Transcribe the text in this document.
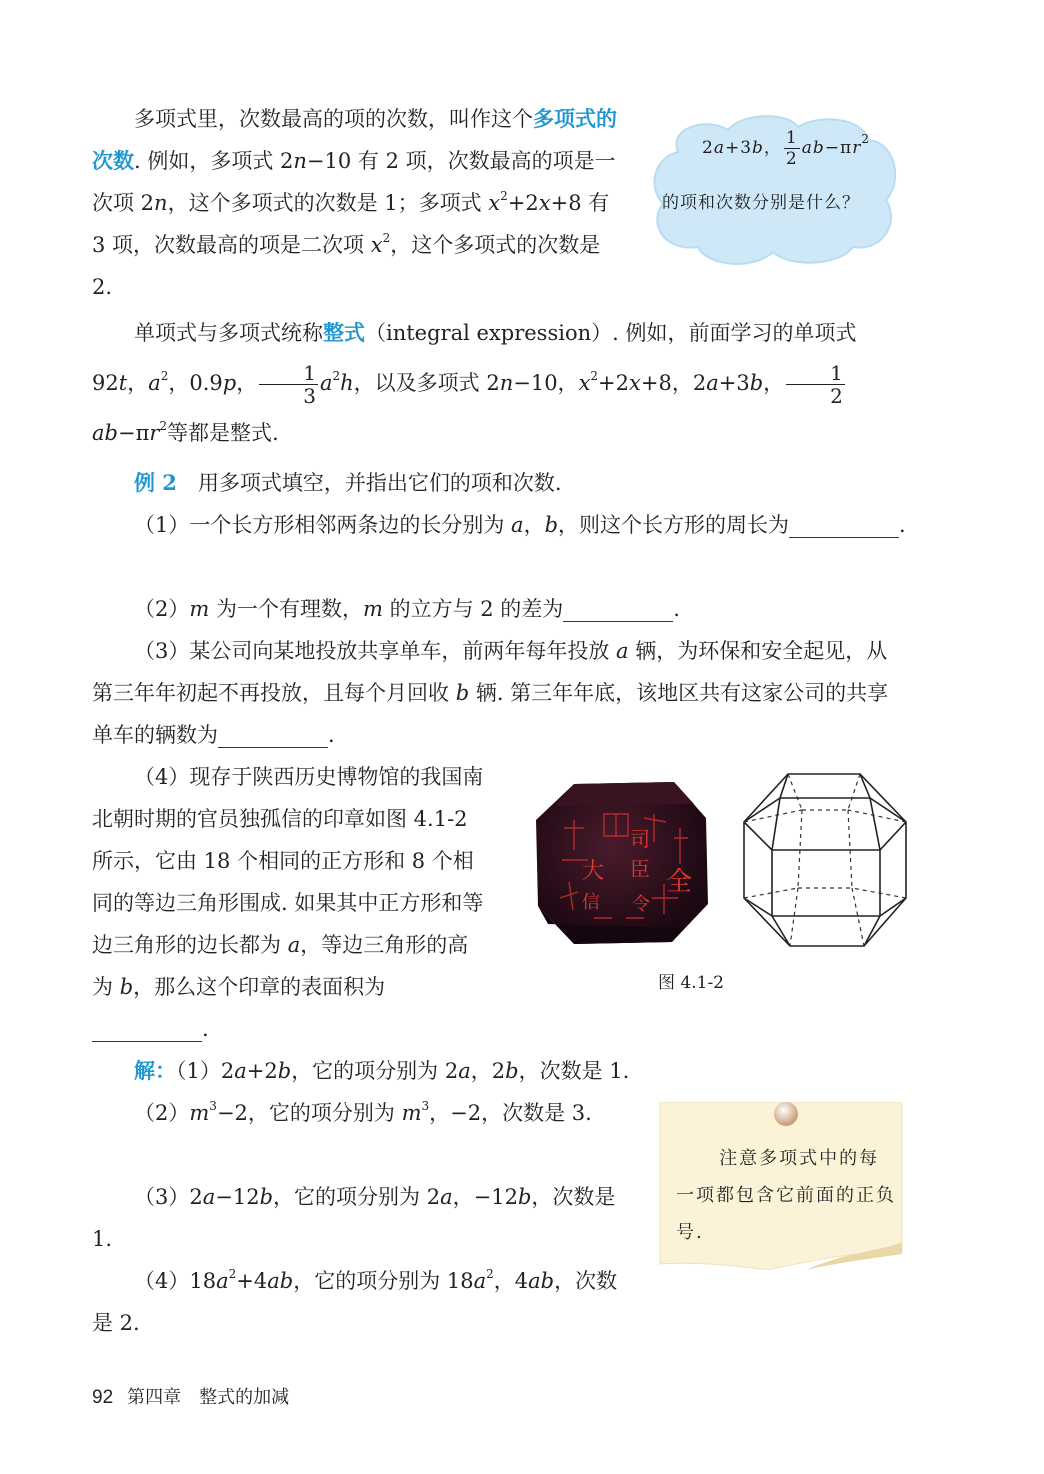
多项式里，次数最高的项的次数，叫作这个多项式的次数. 例如，多项式 2n−10 有 2 项，次数最高的项是一次项 2n，这个多项式的次数是 1；多项式 $x^2+2x+8$ 有 3 项，次数最高的项是二次项 $x^2$，这个多项式的次数是 2.
2a+3b， $\frac{1}{2} ab-\pi r^2$
的项和次数分别是什么？
单项式与多项式统称整式（integral expression）. 例如，前面学习的单项式 92t，$a^2$，0.9p， $\frac{1}{3} a^2h$，以及多项式 2n−10，$x^2+2x+8$，2a+3b， $\frac{1}{2}$
$ab-\pi r^2$等都是整式.
例 2　 用多项式填空，并指出它们的项和次数.
（1）一个长方形相邻两条边的长分别为 a，b，则这个长方形的周长为	.
（2）m 为一个有理数，m 的立方与 2 的差为	.
（3）某公司向某地投放共享单车，前两年每年投放 a 辆，为环保和安全起见，从第三年年初起不再投放，且每个月回收 b 辆. 第三年年底，该地区共有这家公司的共享单车的辆数为	.
（4）现存于陕西历史博物馆的我国南北朝时期的官员独孤信的印章如图 4.1-2 所示，它由 18 个相同的正方形和 8 个相同的等边三角形围成. 如果其中正方形和等边三角形的边长都为 a，等边三角形的高为 b，那么这个印章的表面积为.
大
司
信
全
臣
令
图 4.1-2
解：（1）2a+2b，它的项分别为 2a，2b，次数是 1.
$(2)m^3-2$，它的项分别为 $m^3$，−2，次数是 3.
（3）2a−12b，它的项分别为 2a，−12b，次数是 1.
$(4)18a^2+4ab$，它的项分别为 $18a^2$，4ab，次数是 2.
注意多项式中的每一项都包含它前面的正负号.
92 第四章　整式的加减
